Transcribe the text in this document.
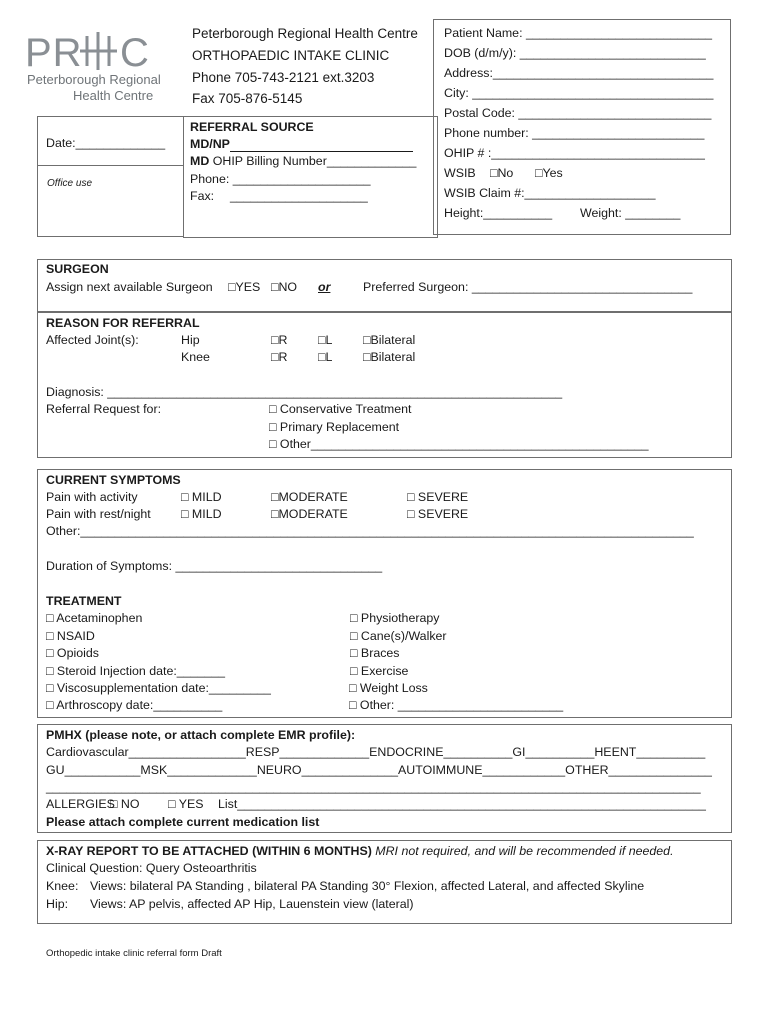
PR C
Peterborough Regional
Health Centre
Peterborough Regional Health Centre
ORTHOPAEDIC INTAKE CLINIC
Phone 705-743-2121 ext.3203
Fax 705-876-5145
Date:_____________
Office use
REFERRAL SOURCE
MD/NP
MD OHIP Billing Number_____________
Phone: ____________________
Fax: ____________________
Patient Name: ___________________________
DOB (d/m/y): ___________________________
Address:________________________________
City: ___________________________________
Postal Code: ____________________________
Phone number: _________________________
OHIP # :_______________________________
WSIB □No □Yes
WSIB Claim #:___________________
Height:__________ Weight: ________
SURGEON
Assign next available Surgeon □YES □NO or	Preferred Surgeon: ________________________________
REASON FOR REFERRAL
Affected Joint(s):	Hip	□R □L □Bilateral
Knee	□R □L □Bilateral
Diagnosis: __________________________________________________________________
Referral Request for:	□ Conservative Treatment
□ Primary Replacement
□ Other_________________________________________________
CURRENT SYMPTOMS
Pain with activity	□ MILD	□MODERATE	□ SEVERE
Pain with rest/night □ MILD	□MODERATE	□ SEVERE
Other:_________________________________________________________________________________________
Duration of Symptoms: ______________________________
TREATMENT
□ Acetaminophen
□ NSAID
□ Opioids
□ Steroid Injection date:_______
□ Viscosupplementation date:_________
□ Arthroscopy date:__________
□ Physiotherapy
□ Cane(s)/Walker
□ Braces
□ Exercise
□ Weight Loss
□ Other: ________________________
PMHX (please note, or attach complete EMR profile):
Cardiovascular_________________RESP_____________ENDOCRINE__________GI__________HEENT__________
GU___________MSK_____________NEURO______________AUTOIMMUNE____________OTHER_______________
_______________________________________________________________________________________________
ALLERGIES
□ NO □ YES List____________________________________________________________________
Please attach complete current medication list
X-RAY REPORT TO BE ATTACHED (WITHIN 6 MONTHS) MRI not required, and will be recommended if needed.
Clinical Question: Query Osteoarthritis
Knee: Views: bilateral PA Standing , bilateral PA Standing 30° Flexion, affected Lateral, and affected Skyline
Hip: Views: AP pelvis, affected AP Hip, Lauenstein view (lateral)
Orthopedic intake clinic referral form Draft
